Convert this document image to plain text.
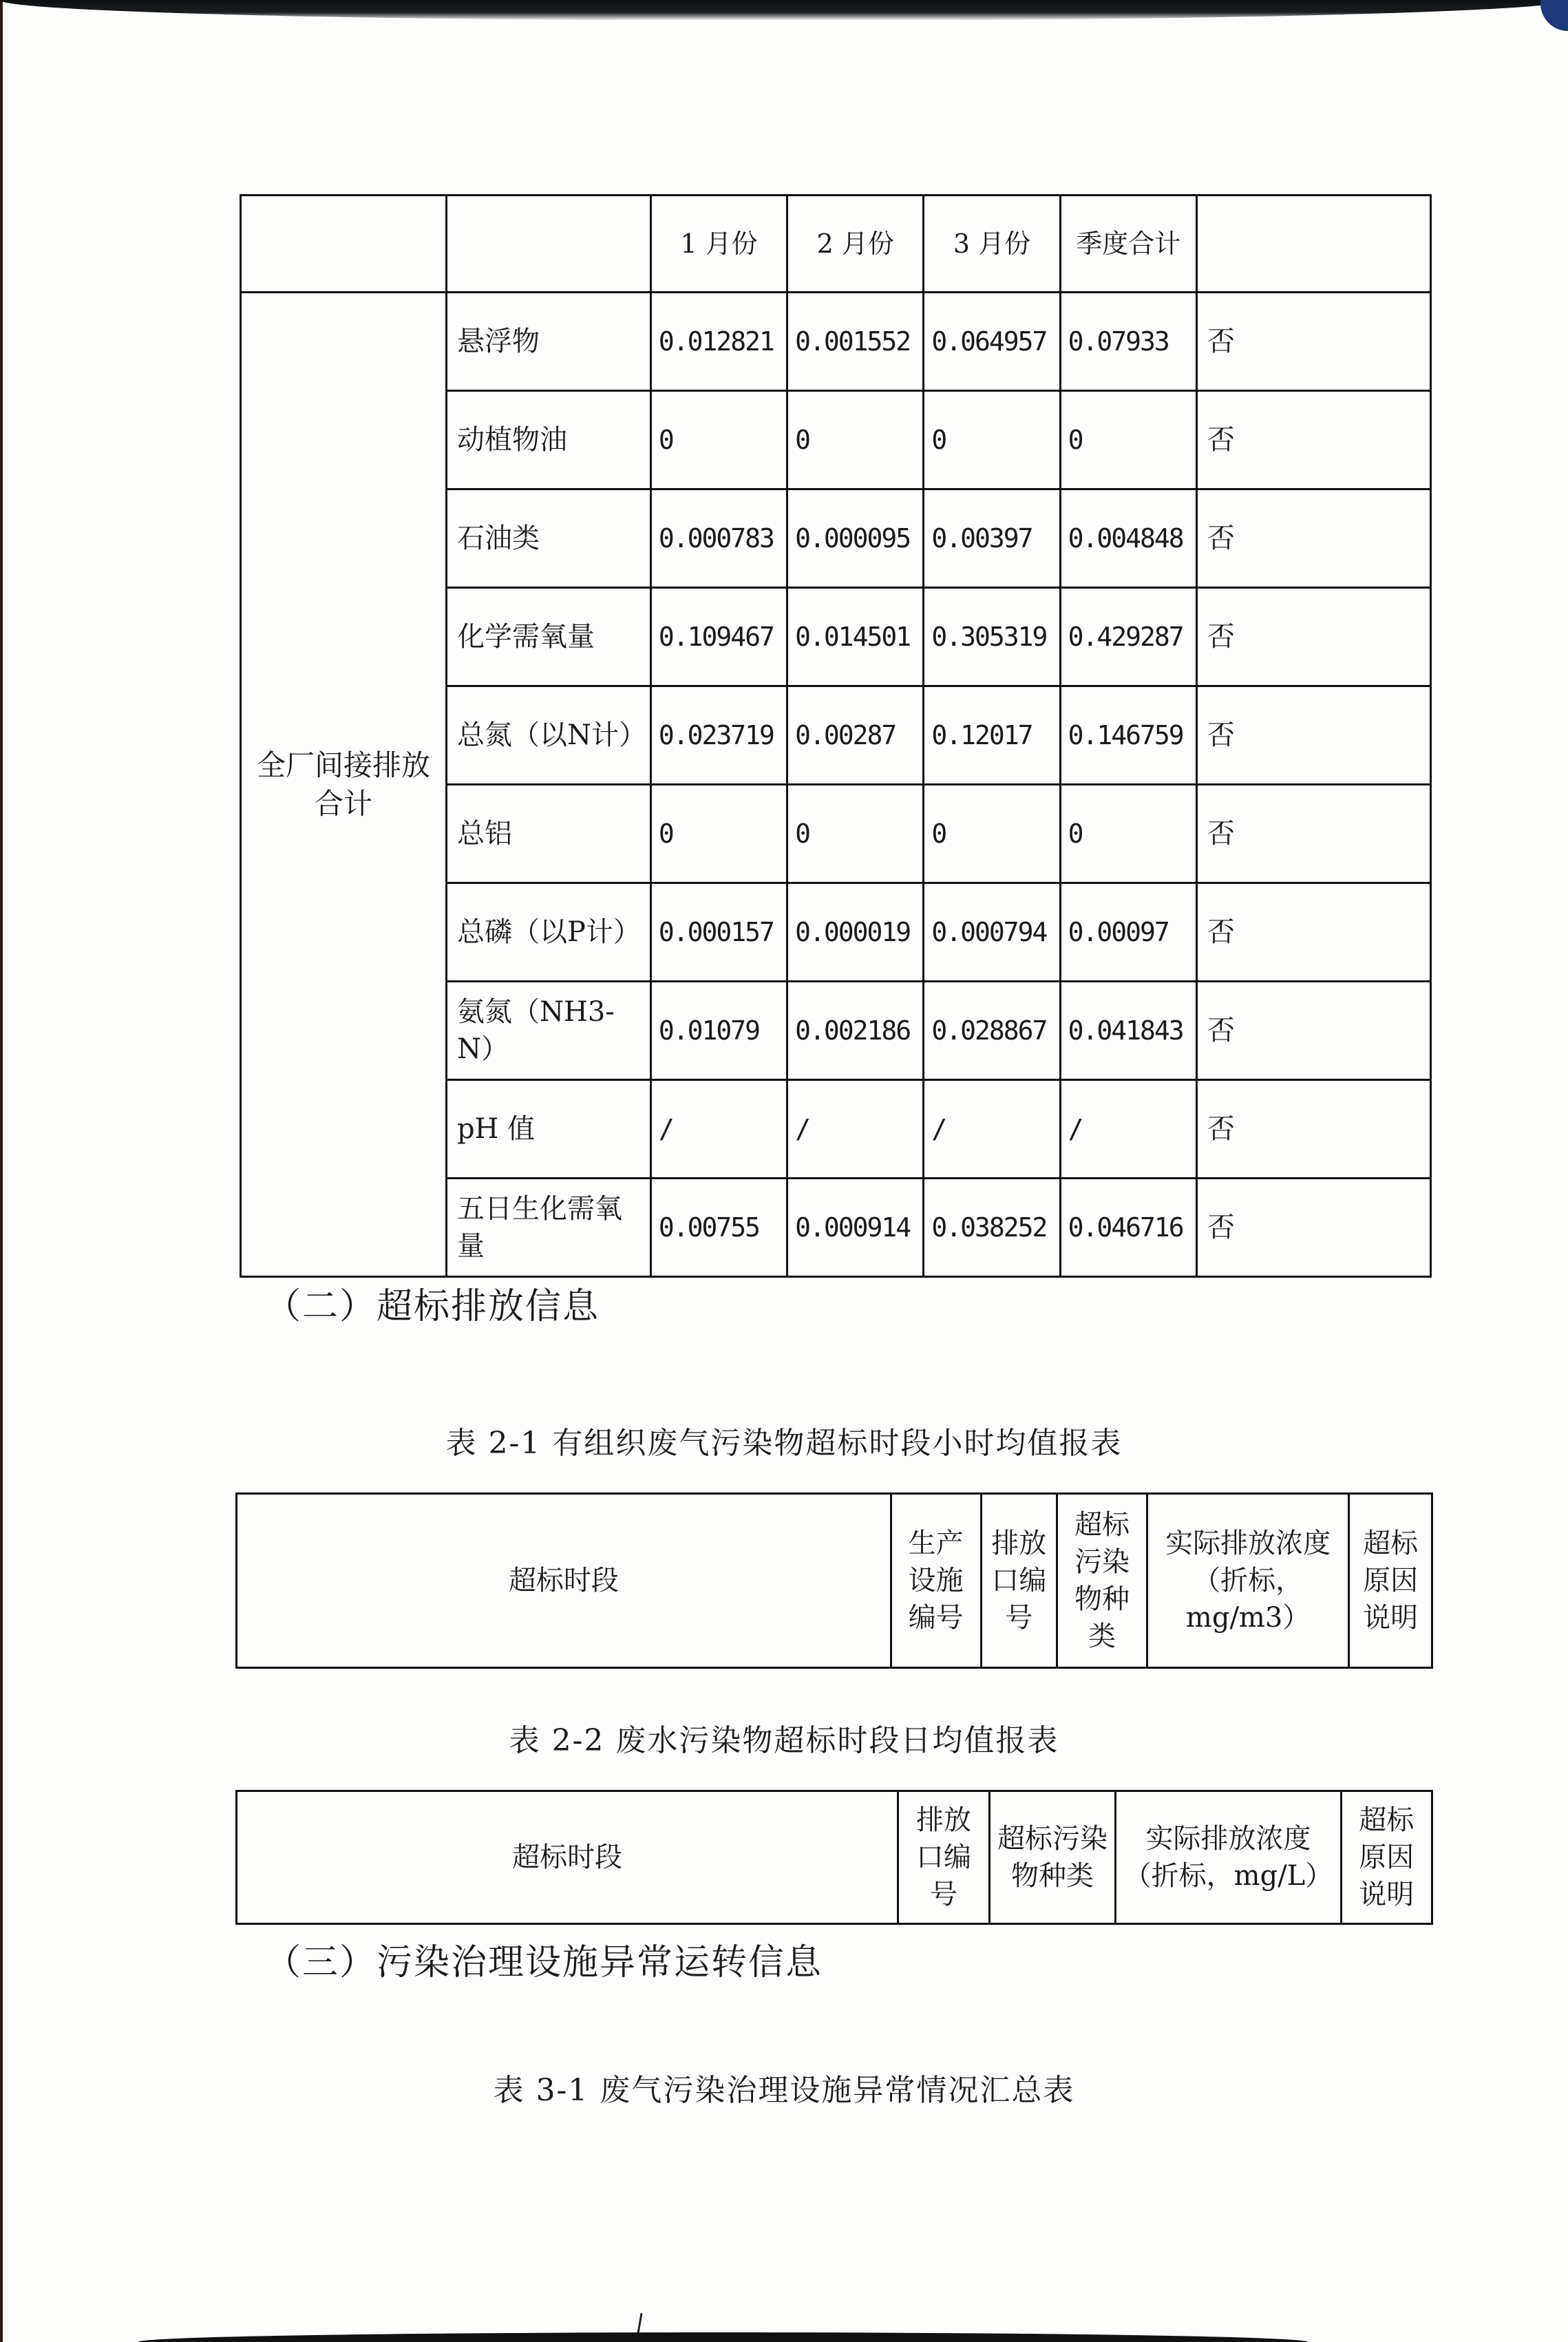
		1 月份	2 月份	3 月份	季度合计	
全厂间接排放合计	悬浮物	0.012821	0.001552	0.064957	0.07933	否
	动植物油	0	0	0	0	否
	石油类	0.000783	0.000095	0.00397	0.004848	否
	化学需氧量	0.109467	0.014501	0.305319	0.429287	否
	总氮（以N计）	0.023719	0.00287	0.12017	0.146759	否
	总铝	0	0	0	0	否
	总磷（以P计）	0.000157	0.000019	0.000794	0.00097	否
	氨氮（NH3-N）	0.01079	0.002186	0.028867	0.041843	否
	pH 值	/	/	/	/	否
	五日生化需氧量	0.00755	0.000914	0.038252	0.046716	否
（二）超标排放信息
表 2-1 有组织废气污染物超标时段小时均值报表
超标时段	生产设施编号	排放口编号	超标污染物种类	实际排放浓度（折标，mg/m3）	超标原因说明
表 2-2 废水污染物超标时段日均值报表
超标时段	排放口编号	超标污染物种类	实际排放浓度（折标，mg/L）	超标原因说明
（三）污染治理设施异常运转信息
表 3-1 废气污染治理设施异常情况汇总表
